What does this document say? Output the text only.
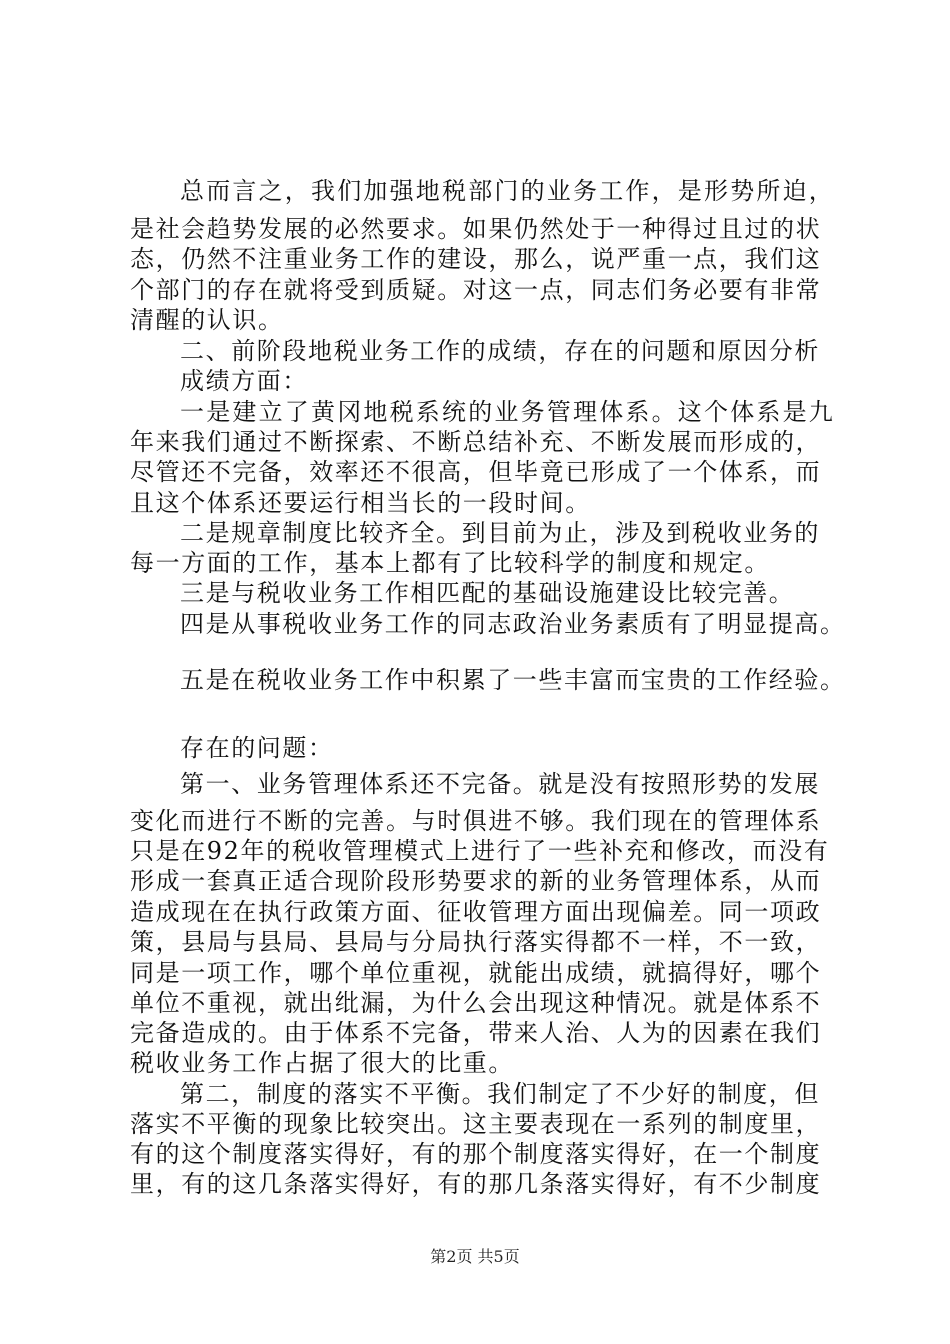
总而言之，我们加强地税部门的业务工作，是形势所迫，
是社会趋势发展的必然要求。如果仍然处于一种得过且过的状
态，仍然不注重业务工作的建设，那么，说严重一点，我们这
个部门的存在就将受到质疑。对这一点，同志们务必要有非常
清醒的认识。
二、前阶段地税业务工作的成绩，存在的问题和原因分析
成绩方面：
一是建立了黄冈地税系统的业务管理体系。这个体系是九
年来我们通过不断探索、不断总结补充、不断发展而形成的，
尽管还不完备，效率还不很高，但毕竟已形成了一个体系，而
且这个体系还要运行相当长的一段时间。
二是规章制度比较齐全。到目前为止，涉及到税收业务的
每一方面的工作，基本上都有了比较科学的制度和规定。
三是与税收业务工作相匹配的基础设施建设比较完善。
四是从事税收业务工作的同志政治业务素质有了明显提高。
五是在税收业务工作中积累了一些丰富而宝贵的工作经验。
存在的问题：
第2页 共5页
第一、业务管理体系还不完备。就是没有按照形势的发展
变化而进行不断的完善。与时俱进不够。我们现在的管理体系
只是在92年的税收管理模式上进行了一些补充和修改，而没有
形成一套真正适合现阶段形势要求的新的业务管理体系，从而
造成现在在执行政策方面、征收管理方面出现偏差。同一项政
策，县局与县局、县局与分局执行落实得都不一样，不一致，
同是一项工作，哪个单位重视，就能出成绩，就搞得好，哪个
单位不重视，就出纰漏，为什么会出现这种情况。就是体系不
完备造成的。由于体系不完备，带来人治、人为的因素在我们
税收业务工作占据了很大的比重。
第二，制度的落实不平衡。我们制定了不少好的制度，但
落实不平衡的现象比较突出。这主要表现在一系列的制度里，
有的这个制度落实得好，有的那个制度落实得好，在一个制度
里，有的这几条落实得好，有的那几条落实得好，有不少制度
